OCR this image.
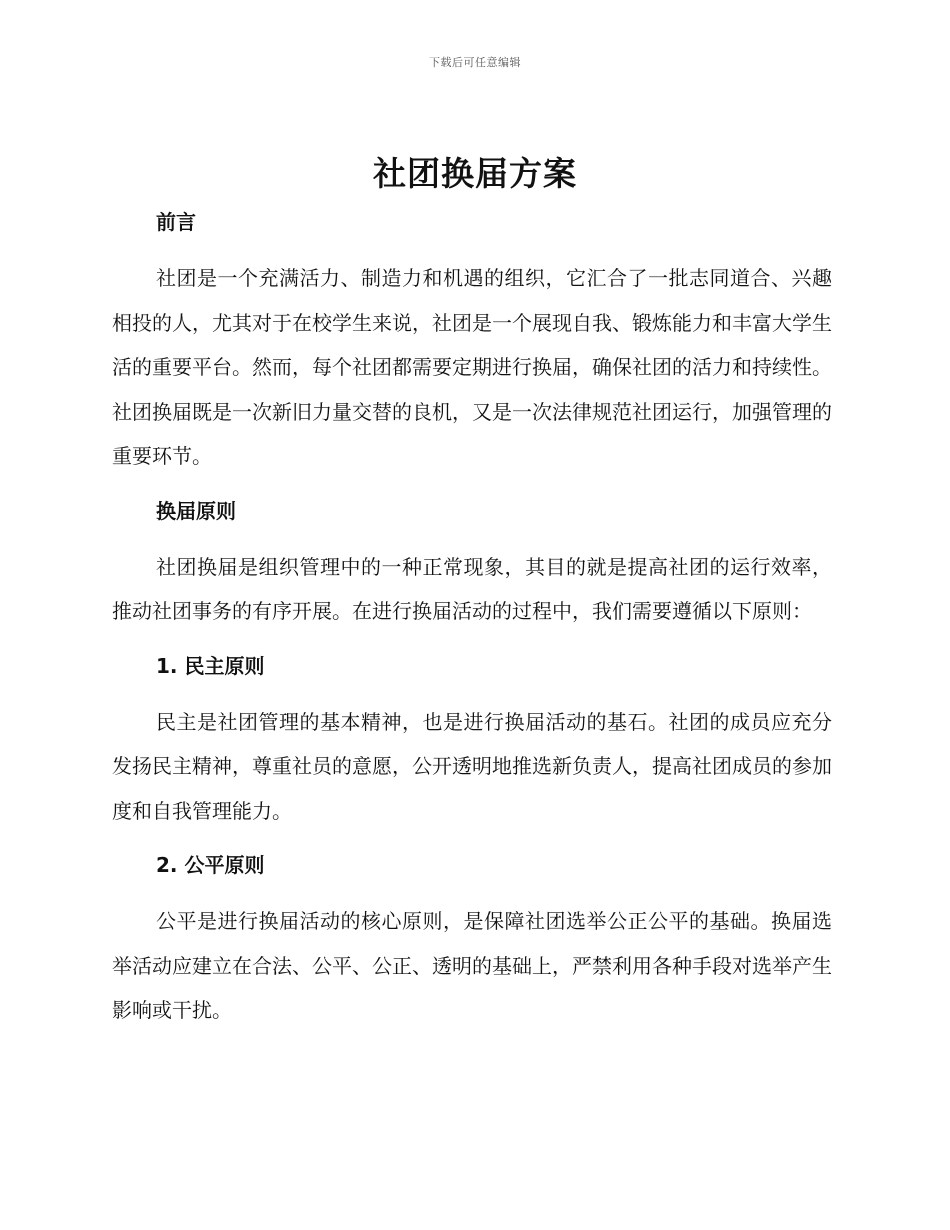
下载后可任意编辑
社团换届方案
前言

社团是一个充满活力、制造力和机遇的组织，它汇合了一批志同道合、兴趣相投的人，尤其对于在校学生来说，社团是一个展现自我、锻炼能力和丰富大学生活的重要平台。然而，每个社团都需要定期进行换届，确保社团的活力和持续性。社团换届既是一次新旧力量交替的良机，又是一次法律规范社团运行，加强管理的重要环节。

换届原则

社团换届是组织管理中的一种正常现象，其目的就是提高社团的运行效率，推动社团事务的有序开展。在进行换届活动的过程中，我们需要遵循以下原则：

1. 民主原则

民主是社团管理的基本精神，也是进行换届活动的基石。社团的成员应充分发扬民主精神，尊重社员的意愿，公开透明地推选新负责人，提高社团成员的参加度和自我管理能力。

2. 公平原则

公平是进行换届活动的核心原则，是保障社团选举公正公平的基础。换届选举活动应建立在合法、公平、公正、透明的基础上，严禁利用各种手段对选举产生影响或干扰。
